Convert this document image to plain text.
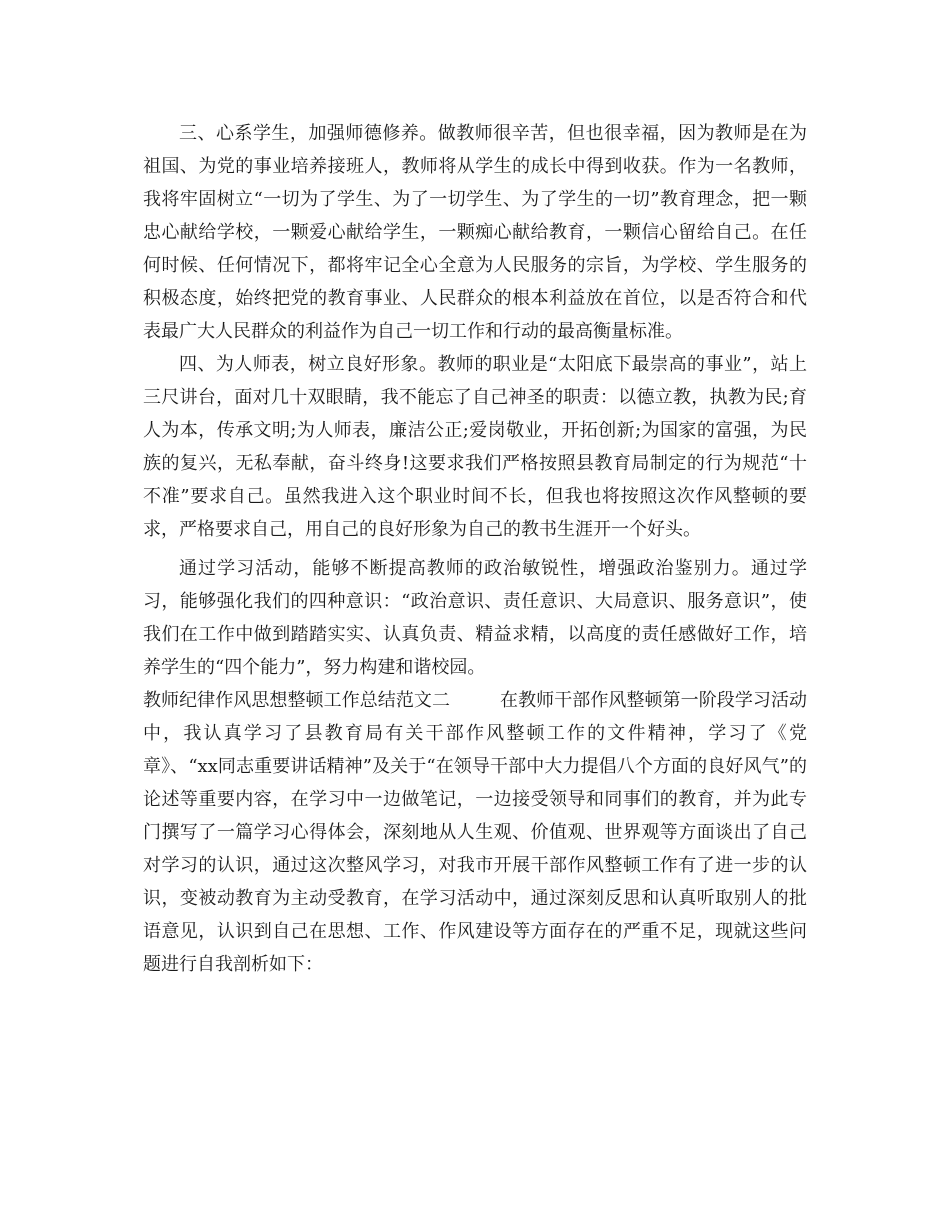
三、心系学生，加强师德修养。做教师很辛苦，但也很幸福，因为教师是在为祖国、为党的事业培养接班人，教师将从学生的成长中得到收获。作为一名教师，我将牢固树立“一切为了学生、为了一切学生、为了学生的一切”教育理念，把一颗忠心献给学校，一颗爱心献给学生，一颗痴心献给教育，一颗信心留给自己。在任何时候、任何情况下，都将牢记全心全意为人民服务的宗旨，为学校、学生服务的积极态度，始终把党的教育事业、人民群众的根本利益放在首位，以是否符合和代表最广大人民群众的利益作为自己一切工作和行动的最高衡量标准。

四、为人师表，树立良好形象。教师的职业是“太阳底下最崇高的事业”，站上三尺讲台，面对几十双眼睛，我不能忘了自己神圣的职责：以德立教，执教为民;育人为本，传承文明;为人师表，廉洁公正;爱岗敬业，开拓创新;为国家的富强，为民族的复兴，无私奉献，奋斗终身!这要求我们严格按照县教育局制定的行为规范“十不准”要求自己。虽然我进入这个职业时间不长，但我也将按照这次作风整顿的要求，严格要求自己，用自己的良好形象为自己的教书生涯开一个好头。

通过学习活动，能够不断提高教师的政治敏锐性，增强政治鉴别力。通过学习，能够强化我们的四种意识：“政治意识、责任意识、大局意识、服务意识”，使我们在工作中做到踏踏实实、认真负责、精益求精，以高度的责任感做好工作，培养学生的“四个能力”，努力构建和谐校园。

教师纪律作风思想整顿工作总结范文二	在教师干部作风整顿第一阶段学习活动中，我认真学习了县教育局有关干部作风整顿工作的文件精神，学习了《党章》、“xx同志重要讲话精神”及关于“在领导干部中大力提倡八个方面的良好风气”的论述等重要内容，在学习中一边做笔记，一边接受领导和同事们的教育，并为此专门撰写了一篇学习心得体会，深刻地从人生观、价值观、世界观等方面谈出了自己对学习的认识，通过这次整风学习，对我市开展干部作风整顿工作有了进一步的认识，变被动教育为主动受教育，在学习活动中，通过深刻反思和认真听取别人的批语意见，认识到自己在思想、工作、作风建设等方面存在的严重不足，现就这些问题进行自我剖析如下：
